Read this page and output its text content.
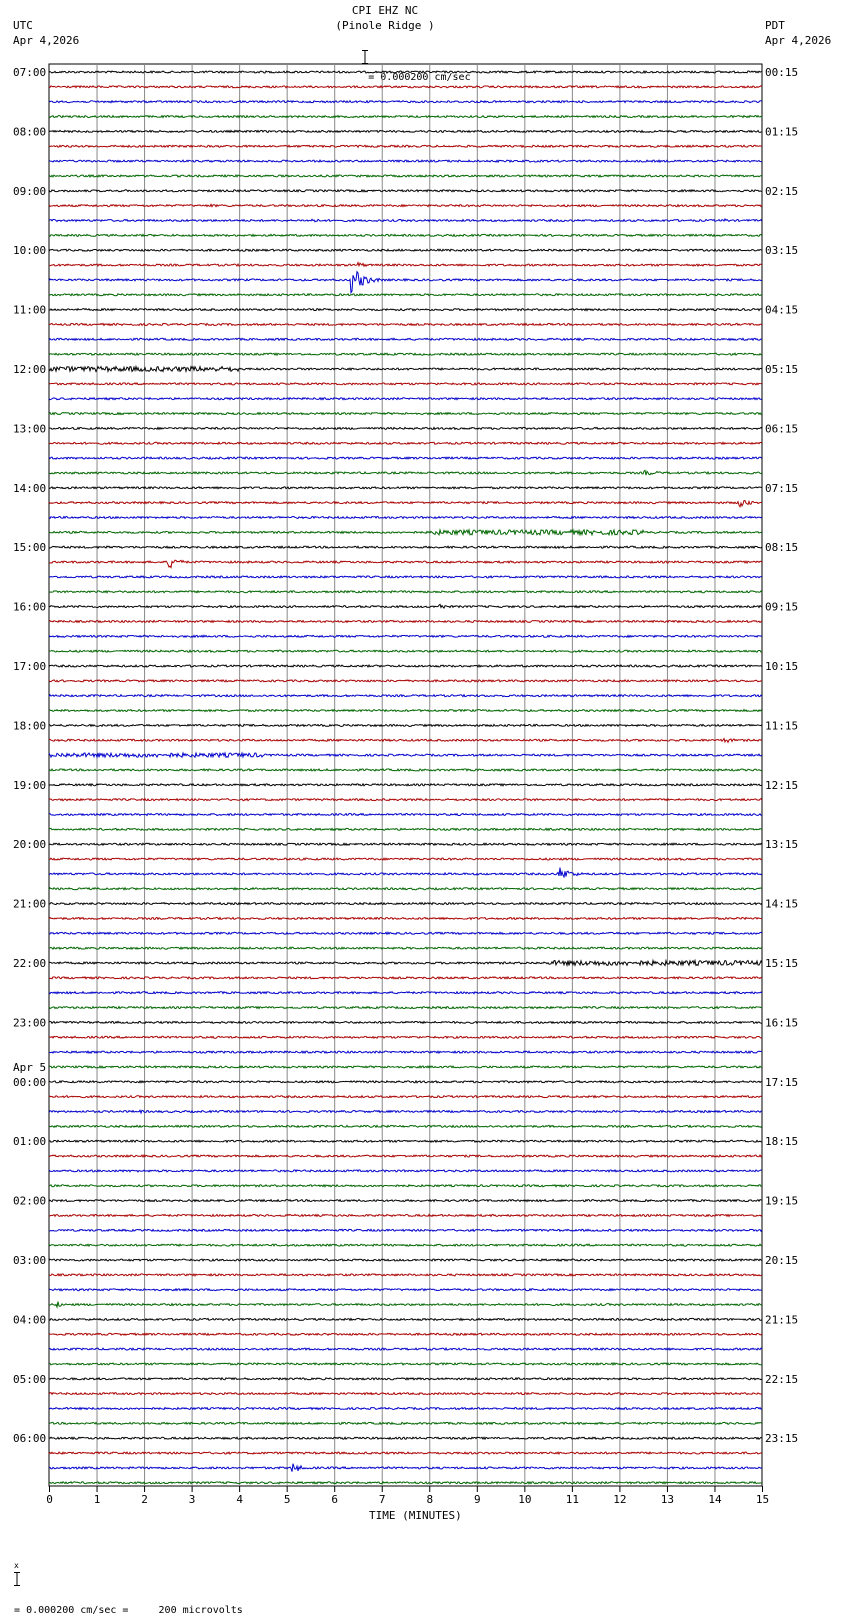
CPI EHZ NC
(Pinole Ridge )

= 0.000200 cm/sec

UTC
Apr 4,2026
PDT
Apr 4,2026
07:00
08:00
09:00
10:00
11:00
12:00
13:00
14:00
15:00
16:00
17:00
18:00
19:00
20:00
21:00
22:00
23:00
00:00
01:00
02:00
03:00
04:00
05:00
06:00
Apr 5
00:15
01:15
02:15
03:15
04:15
05:15
06:15
07:15
08:15
09:15
10:15
11:15
12:15
13:15
14:15
15:15
16:15
17:15
18:15
19:15
20:15
21:15
22:15
23:15
0	1	2	3	4	5	6	7	8	9	10	11	12	13	14	15
TIME (MINUTES)

x

= 0.000200 cm/sec =     200 microvolts
